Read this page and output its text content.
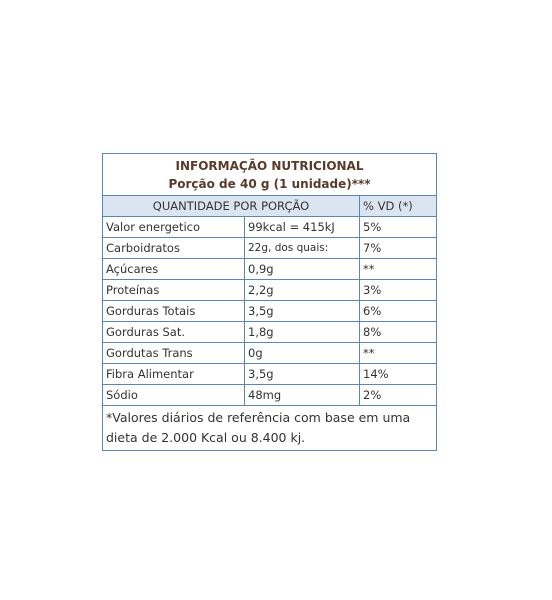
INFORMAÇÃO NUTRICIONAL
Porção de 40 g (1 unidade)***		

QUANTIDADE POR PORÇÃO		% VD (*)
Valor energetico	99kcal = 415kJ	5%
Carboidratos	22g, dos quais:	7%
Açúcares	0,9g	**
Proteínas	2,2g	3%
Gorduras Totais	3,5g	6%
Gorduras Sat.	1,8g	8%
Gordutas Trans	0g	**
Fibra Alimentar	3,5g	14%
Sódio	48mg	2%
*Valores diários de referência com base em uma dieta de 2.000 Kcal ou 8.400 kj.		
